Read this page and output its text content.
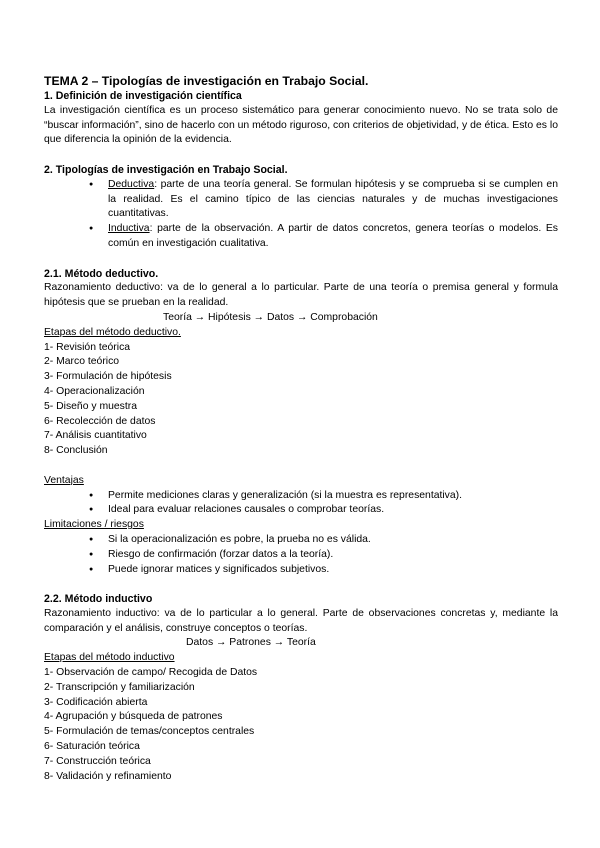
TEMA 2 – Tipologías de investigación en Trabajo Social.
1. Definición de investigación científica

La investigación científica es un proceso sistemático para generar conocimiento nuevo. No se trata solo de “buscar información”, sino de hacerlo con un método riguroso, con criterios de objetividad, y de ética. Esto es lo que diferencia la opinión de la evidencia.

2. Tipologías de investigación en Trabajo Social.
● Deductiva: parte de una teoría general. Se formulan hipótesis y se comprueba si se cumplen en la realidad. Es el camino típico de las ciencias naturales y de muchas investigaciones cuantitativas.
● Inductiva: parte de la observación. A partir de datos concretos, genera teorías o modelos. Es común en investigación cualitativa.
2.1. Método deductivo.

Razonamiento deductivo: va de lo general a lo particular. Parte de una teoría o premisa general y formula hipótesis que se prueban en la realidad.

Teoría → Hipótesis → Datos → Comprobación

Etapas del método deductivo.

1- Revisión teórica
2- Marco teórico
3- Formulación de hipótesis
4- Operacionalización
5- Diseño y muestra
6- Recolección de datos
7- Análisis cuantitativo
8- Conclusión

Ventajas

● Permite mediciones claras y generalización (si la muestra es representativa).
● Ideal para evaluar relaciones causales o comprobar teorías.

Limitaciones / riesgos

● Si la operacionalización es pobre, la prueba no es válida.
● Riesgo de confirmación (forzar datos a la teoría).
● Puede ignorar matices y significados subjetivos.
2.2. Método inductivo

Razonamiento inductivo: va de lo particular a lo general. Parte de observaciones concretas y, mediante la comparación y el análisis, construye conceptos o teorías.

Datos → Patrones → Teoría

Etapas del método inductivo

1- Observación de campo/ Recogida de Datos
2- Transcripción y familiarización
3- Codificación abierta
4- Agrupación y búsqueda de patrones
5- Formulación de temas/conceptos centrales
6- Saturación teórica
7- Construcción teórica
8- Validación y refinamiento
